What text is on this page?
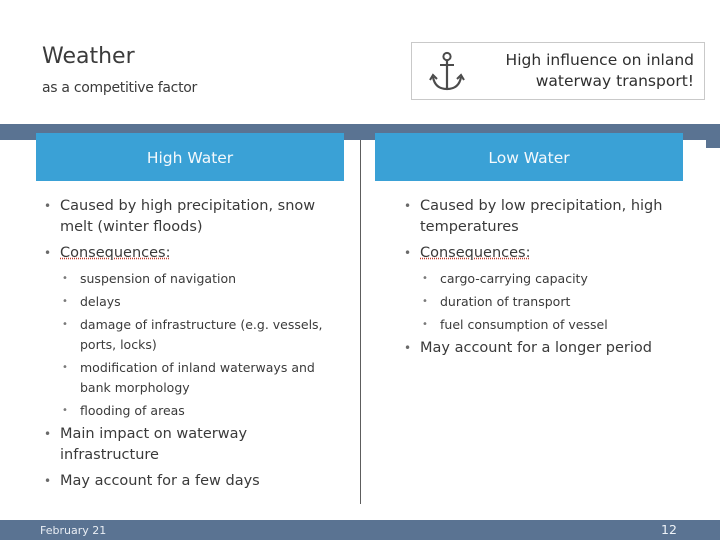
Weather
as a competitive factor
High influence on inland waterway transport!
High Water	Low Water
• Caused by high precipitation, snow melt (winter floods)
• Consequences:
• suspension of navigation
• delays
• damage of infrastructure (e.g. vessels, ports, locks)
• modification of inland waterways and bank morphology
• flooding of areas
• Main impact on waterway infrastructure
• May account for a few days
• Caused by low precipitation, high temperatures
• Consequences:
• cargo-carrying capacity
• duration of transport
• fuel consumption of vessel
• May account for a longer period
February 21	12
